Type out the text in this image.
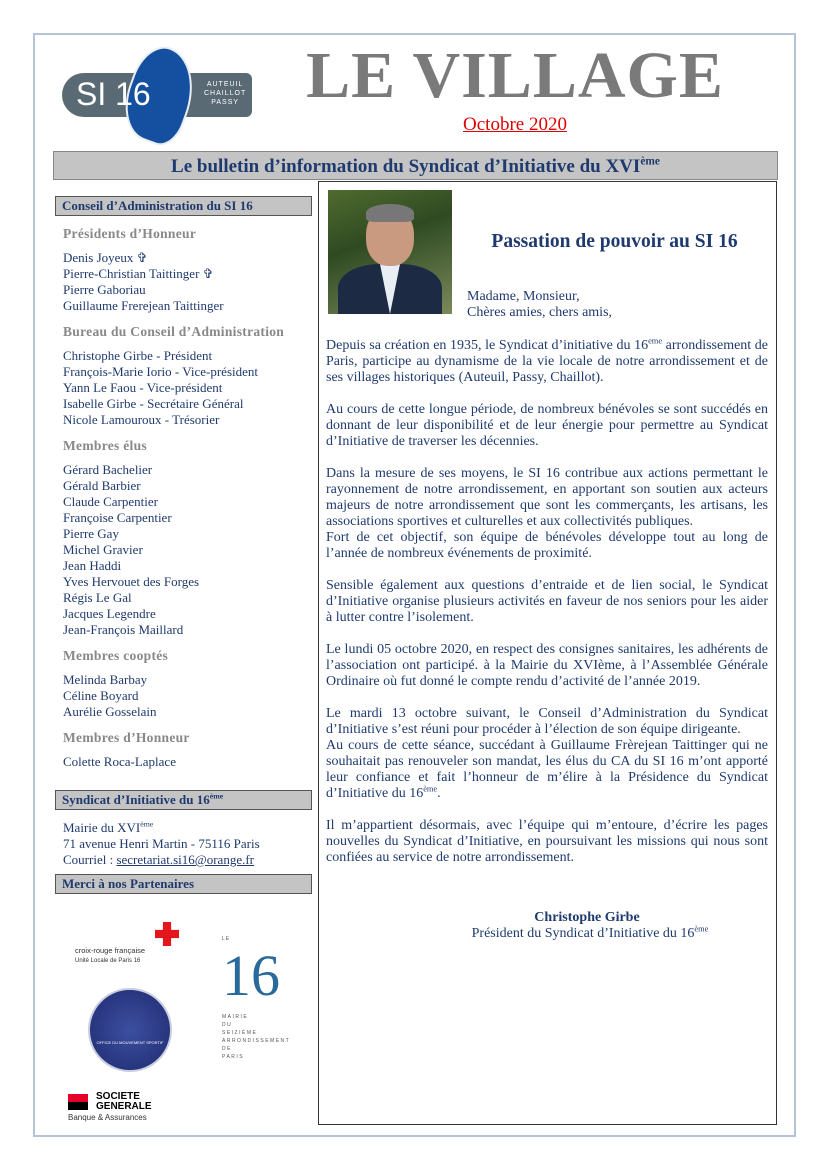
SI 16	AUTEUIL
CHAILLOT
PASSY LE VILLAGE
Octobre 2020
Le bulletin d’information du Syndicat d’Initiative du XVIème
Conseil d’Administration du SI 16
Présidents d’Honneur
Denis Joyeux ✞
Pierre-Christian Taittinger ✞
Pierre Gaboriau
Guillaume Frerejean Taittinger
Bureau du Conseil d’Administration
Christophe Girbe - Président
François-Marie Iorio - Vice-président
Yann Le Faou - Vice-président
Isabelle Girbe - Secrétaire Général
Nicole Lamouroux - Trésorier
Membres élus
Gérard Bachelier
Gérald Barbier
Claude Carpentier
Françoise Carpentier
Pierre Gay
Michel Gravier
Jean Haddi
Yves Hervouet des Forges
Régis Le Gal
Jacques Legendre
Jean-François Maillard
Membres cooptés
Melinda Barbay
Céline Boyard
Aurélie Gosselain
Membres d’Honneur
Colette Roca-Laplace
Syndicat d’Initiative du 16ème
Mairie du XVIème
71 avenue Henri Martin - 75116 Paris
Courriel : secretariat.si16@orange.fr
Merci à nos Partenaires
croix-rouge française
Unité Locale de Paris 16
OFFICE DU MOUVEMENT SPORTIF
LE
16
MAIRIE
DU
SEIZIÈME
ARRONDISSEMENT
DE
PARIS
SOCIETE
GENERALE
Banque & Assurances
Passation de pouvoir au SI 16
Madame, Monsieur,
Chères amies, chers amis,

Depuis sa création en 1935, le Syndicat d’initiative du 16eme arrondissement de Paris, participe au dynamisme de la vie locale de notre arrondissement et de ses villages historiques (Auteuil, Passy, Chaillot).

Au cours de cette longue période, de nombreux bénévoles se sont succédés en donnant de leur disponibilité et de leur énergie pour permettre au Syndicat d’Initiative de traverser les décennies.

Dans la mesure de ses moyens, le SI 16 contribue aux actions permettant le rayonnement de notre arrondissement, en apportant son soutien aux acteurs majeurs de notre arrondissement que sont les commerçants, les artisans, les associations sportives et culturelles et aux collectivités publiques.

Fort de cet objectif, son équipe de bénévoles développe tout au long de l’année de nombreux événements de proximité.

Sensible également aux questions d’entraide et de lien social, le Syndicat d’Initiative organise plusieurs activités en faveur de nos seniors pour les aider à lutter contre l’isolement.

Le lundi 05 octobre 2020, en respect des consignes sanitaires, les adhérents de l’association ont participé. à la Mairie du XVIème, à l’Assemblée Générale Ordinaire où fut donné le compte rendu d’activité de l’année 2019.

Le mardi 13 octobre suivant, le Conseil d’Administration du Syndicat d’Initiative s’est réuni pour procéder à l’élection de son équipe dirigeante.

Au cours de cette séance, succédant à Guillaume Frèrejean Taittinger qui ne souhaitait pas renouveler son mandat, les élus du CA du SI 16 m’ont apporté leur confiance et fait l’honneur de m’élire à la Présidence du Syndicat d’Initiative du 16ème.

Il m’appartient désormais, avec l’équipe qui m’entoure, d’écrire les pages nouvelles du Syndicat d’Initiative, en poursuivant les missions qui nous sont confiées au service de notre arrondissement.

Christophe Girbe
Président du Syndicat d’Initiative du 16ème
